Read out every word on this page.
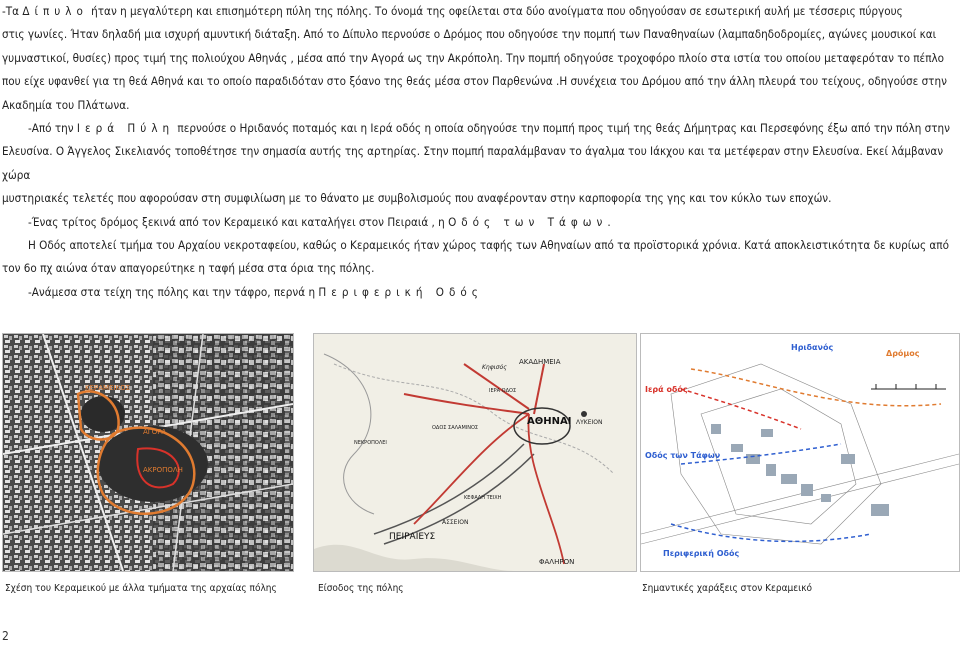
-Τα Δίπυλο ήταν η μεγαλύτερη και επισημότερη πύλη της πόλης. Το όνομά της οφείλεται στα δύο ανοίγματα που οδηγούσαν σε εσωτερική αυλή με τέσσερις πύργους
στις γωνίες. Ήταν δηλαδή μια ισχυρή αμυντική διάταξη. Από το Δίπυλο περνούσε ο Δρόμος που οδηγούσε την πομπή των Παναθηναίων (λαμπαδηδοδρομίες, αγώνες μουσικοί και
γυμναστικοί, θυσίες) προς τιμή της πολιούχου Αθηνάς , μέσα από την Αγορά ως την Ακρόπολη. Την πομπή οδηγούσε τροχοφόρο πλοίο στα ιστία του οποίου μεταφερόταν το πέπλο
που είχε υφανθεί για τη θεά Αθηνά και το οποίο παραδιδόταν στο ξόανο της θεάς μέσα στον Παρθενώνα .Η συνέχεια του Δρόμου από την άλλη πλευρά του τείχους, οδηγούσε στην
Ακαδημία του Πλάτωνα.

-Από την Ιερά Πύλη περνούσε ο Ηριδανός ποταμός και η Ιερά οδός η οποία οδηγούσε την πομπή προς τιμή της θεάς Δήμητρας και Περσεφόνης έξω από την πόλη στην
Ελευσίνα. Ο Άγγελος Σικελιανός τοποθέτησε την σημασία αυτής της αρτηρίας. Στην πομπή παραλάμβαναν το άγαλμα του Ιάκχου και τα μετέφεραν στην Ελευσίνα. Εκεί λάμβαναν χώρα
μυστηριακές τελετές που αφορούσαν στη συμφιλίωση με το θάνατο με συμβολισμούς που αναφέρονταν στην καρποφορία της γης και τον κύκλο των εποχών.

-Ένας τρίτος δρόμος ξεκινά από τον Κεραμεικό και καταλήγει στον Πειραιά , η Οδός των Τάφων.

Η Οδός αποτελεί τμήμα του Αρχαίου νεκροταφείου, καθώς ο Κεραμεικός ήταν χώρος ταφής των Αθηναίων από τα προϊστορικά χρόνια. Κατά αποκλειστικότητα δε κυρίως από
τον 6ο πχ αιώνα όταν απαγορεύτηκε η ταφή μέσα στα όρια της πόλης.

-Ανάμεσα στα τείχη της πόλης και την τάφρο, περνά η Περιφερική Οδός

ΚΕΡΑΜΕΙΚΟΣ
ΑΓΟΡΑ
ΑΚΡΟΠΟΛΗ
ΑΚΑΔΗΜΕΙΑ
ΑΘΗΝΑΙ ΛΥΚΕΙΟΝ
ΠΕΙΡΑΙΕΥΣ
ΦΑΛΗΡΟΝ
ΑΣΣΕΙΟΝ
Κηφισός
ΙΕΡΑ ΟΔΟΣ
ΟΔΟΣ ΣΑΛΑΜΙΝΟΣ
ΝΕΚΡΟΠΟΛΕΙ
ΚΕΦΑΛΗ ΤΕΙΧΗ
Ηριδανός
Δρόμος
Ιερά οδός
Οδός των Τάφων
Περιφερική Οδός
Σχέση του Κεραμεικού με άλλα τμήματα της αρχαίας πόλης	Είσοδος της πόλης	Σημαντικές χαράξεις στον Κεραμεικό
2
